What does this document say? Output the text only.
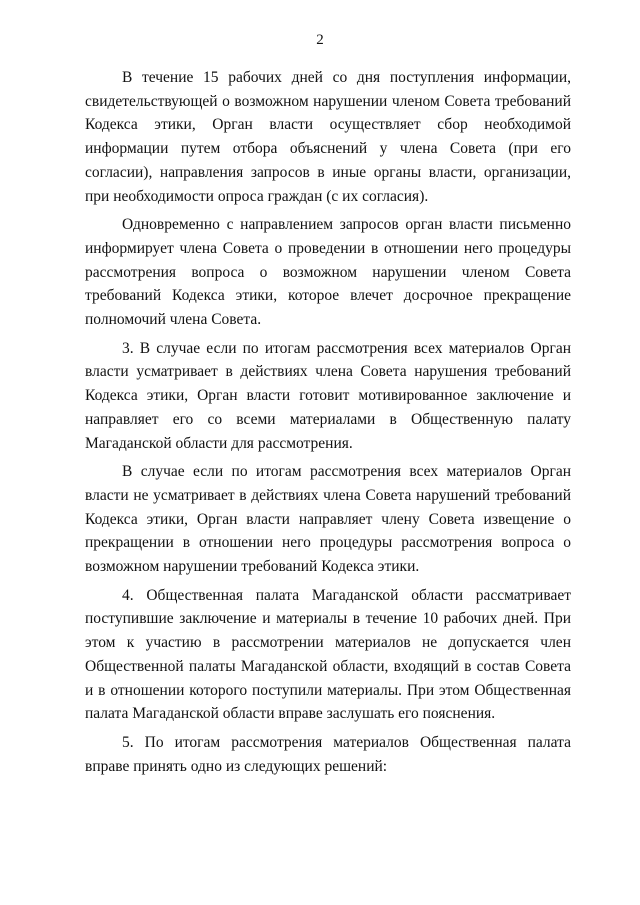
2

В течение 15 рабочих дней со дня поступления информации, свидетельствующей о возможном нарушении членом Совета требований Кодекса этики, Орган власти осуществляет сбор необходимой информации путем отбора объяснений у члена Совета (при его согласии), направления запросов в иные органы власти, организации, при необходимости опроса граждан (с их согласия).

Одновременно с направлением запросов орган власти письменно информирует члена Совета о проведении в отношении него процедуры рассмотрения вопроса о возможном нарушении членом Совета требований Кодекса этики, которое влечет досрочное прекращение полномочий члена Совета.

3. В случае если по итогам рассмотрения всех материалов Орган власти усматривает в действиях члена Совета нарушения требований Кодекса этики, Орган власти готовит мотивированное заключение и направляет его со всеми материалами в Общественную палату Магаданской области для рассмотрения.

В случае если по итогам рассмотрения всех материалов Орган власти не усматривает в действиях члена Совета нарушений требований Кодекса этики, Орган власти направляет члену Совета извещение о прекращении в отношении него процедуры рассмотрения вопроса о возможном нарушении требований Кодекса этики.

4. Общественная палата Магаданской области рассматривает поступившие заключение и материалы в течение 10 рабочих дней. При этом к участию в рассмотрении материалов не допускается член Общественной палаты Магаданской области, входящий в состав Совета и в отношении которого поступили материалы. При этом Общественная палата Магаданской области вправе заслушать его пояснения.

5. По итогам рассмотрения материалов Общественная палата вправе принять одно из следующих решений:
